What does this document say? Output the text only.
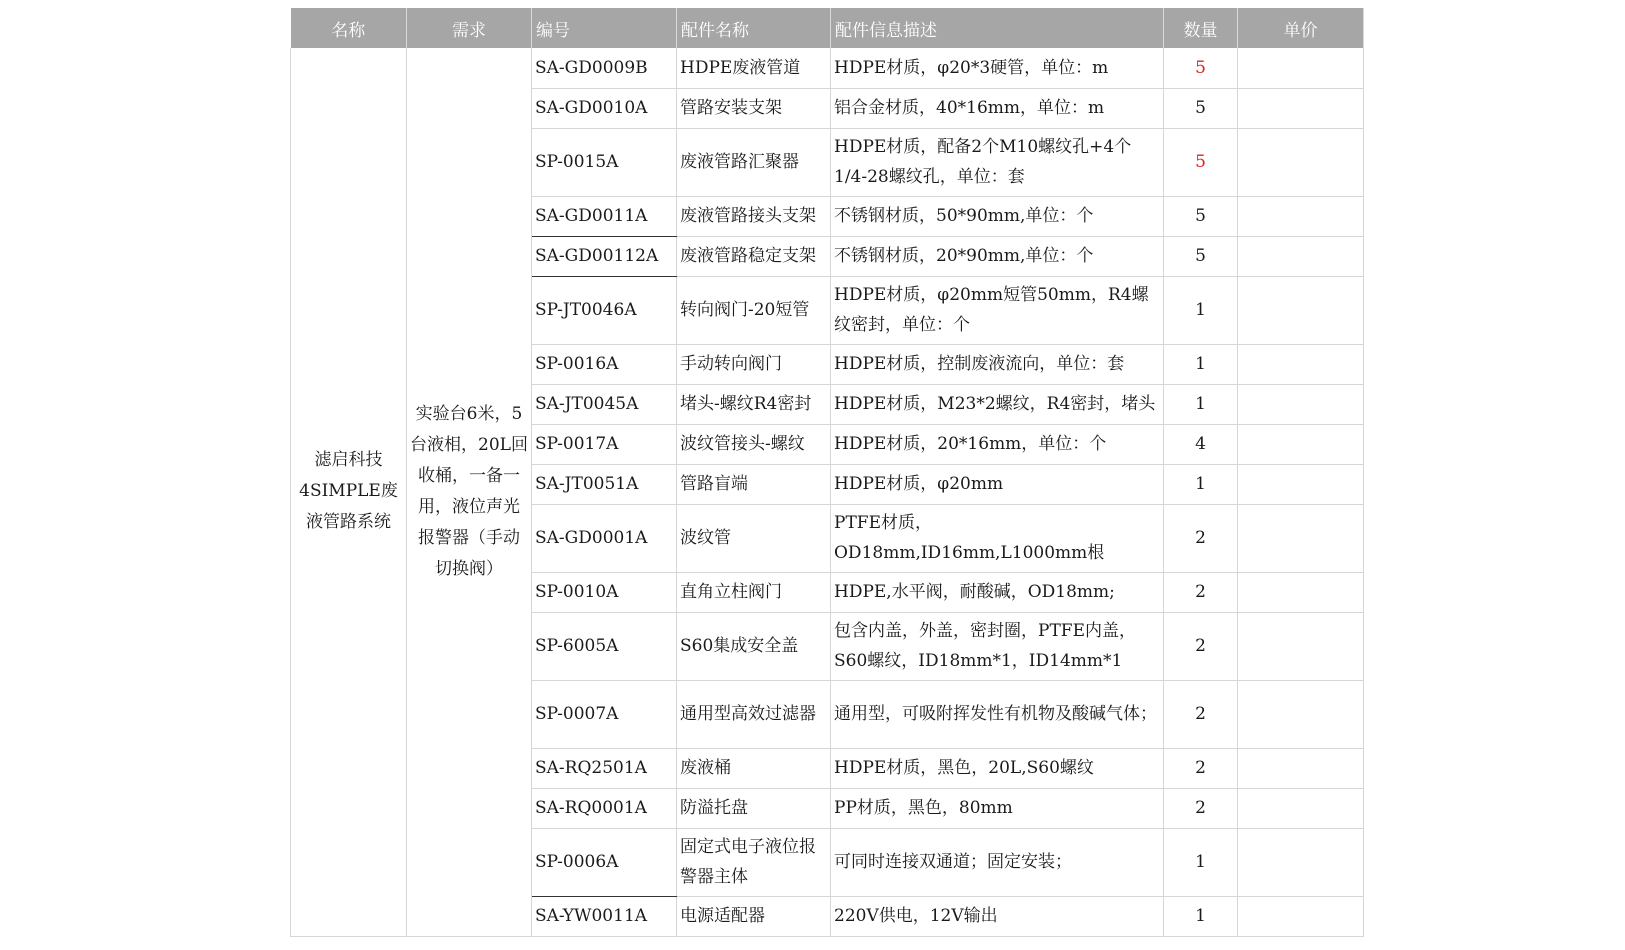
名称	需求	编号	配件名称	配件信息描述	数量	单价
滤启科技4SIMPLE废液管路系统	实验台6米，5台液相，20L回收桶，一备一用，液位声光报警器（手动切换阀）	SA-GD0009B	HDPE废液管道	HDPE材质，φ20*3硬管，单位：m	5	
		SA-GD0010A	管路安装支架	铝合金材质，40*16mm，单位：m	5	
		SP-0015A	废液管路汇聚器	HDPE材质，配备2个M10螺纹孔+4个1/4-28螺纹孔，单位：套	5	
		SA-GD0011A	废液管路接头支架	不锈钢材质，50*90mm,单位：个	5	
		SA-GD00112A	废液管路稳定支架	不锈钢材质，20*90mm,单位：个	5	
		SP-JT0046A	转向阀门-20短管	HDPE材质，φ20mm短管50mm，R4螺纹密封，单位：个	1	
		SP-0016A	手动转向阀门	HDPE材质，控制废液流向，单位：套	1	
		SA-JT0045A	堵头-螺纹R4密封	HDPE材质，M23*2螺纹，R4密封，堵头	1	
		SP-0017A	波纹管接头-螺纹	HDPE材质，20*16mm，单位：个	4	
		SA-JT0051A	管路盲端	HDPE材质，φ20mm	1	
		SA-GD0001A	波纹管	PTFE材质，OD18mm,ID16mm,L1000mm根	2	
		SP-0010A	直角立柱阀门	HDPE,水平阀，耐酸碱，OD18mm;	2	
		SP-6005A	S60集成安全盖	包含内盖，外盖，密封圈，PTFE内盖，S60螺纹，ID18mm*1，ID14mm*1	2	
		SP-0007A	通用型高效过滤器	通用型，可吸附挥发性有机物及酸碱气体；	2	
		SA-RQ2501A	废液桶	HDPE材质，黑色，20L,S60螺纹	2	
		SA-RQ0001A	防溢托盘	PP材质，黑色，80mm	2	
		SP-0006A	固定式电子液位报警器主体	可同时连接双通道；固定安装；	1	
		SA-YW0011A	电源适配器	220V供电，12V输出	1	
